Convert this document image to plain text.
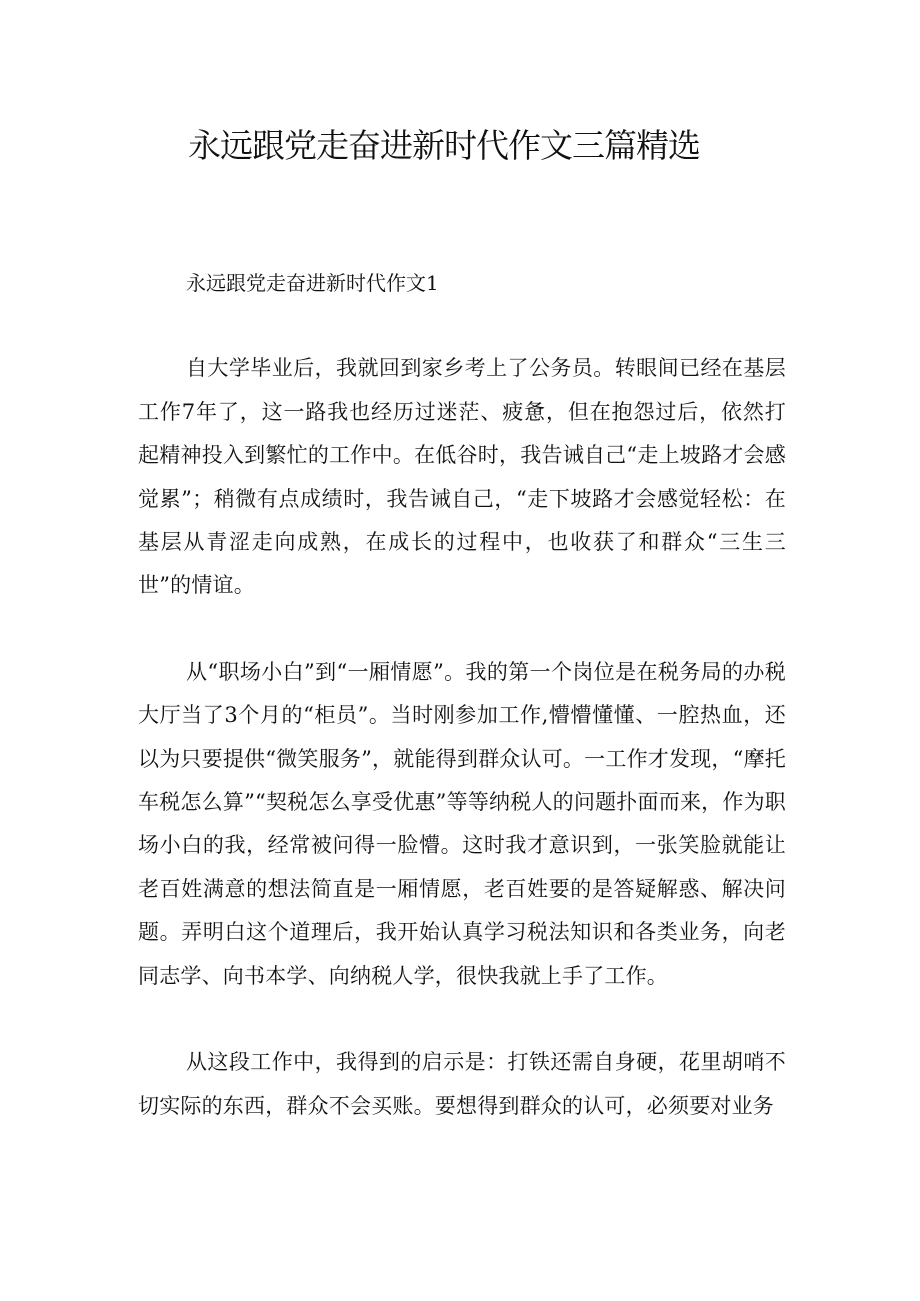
永远跟党走奋进新时代作文三篇精选

永远跟党走奋进新时代作文1

自大学毕业后，我就回到家乡考上了公务员。转眼间已经在基层工作7年了，这一路我也经历过迷茫、疲惫，但在抱怨过后，依然打起精神投入到繁忙的工作中。在低谷时，我告诫自己“走上坡路才会感觉累”；稍微有点成绩时，我告诫自己，“走下坡路才会感觉轻松：在基层从青涩走向成熟，在成长的过程中，也收获了和群众“三生三世”的情谊。

从“职场小白”到“一厢情愿”。我的第一个岗位是在税务局的办税大厅当了3个月的“柜员”。当时刚参加工作,懵懵懂懂、一腔热血，还以为只要提供“微笑服务”，就能得到群众认可。一工作才发现，“摩托车税怎么算”“契税怎么享受优惠”等等纳税人的问题扑面而来，作为职场小白的我，经常被问得一脸懵。这时我才意识到，一张笑脸就能让老百姓满意的想法简直是一厢情愿，老百姓要的是答疑解惑、解决问题。弄明白这个道理后，我开始认真学习税法知识和各类业务，向老同志学、向书本学、向纳税人学，很快我就上手了工作。

从这段工作中，我得到的启示是：打铁还需自身硬，花里胡哨不切实际的东西，群众不会买账。要想得到群众的认可，必须要对业务
